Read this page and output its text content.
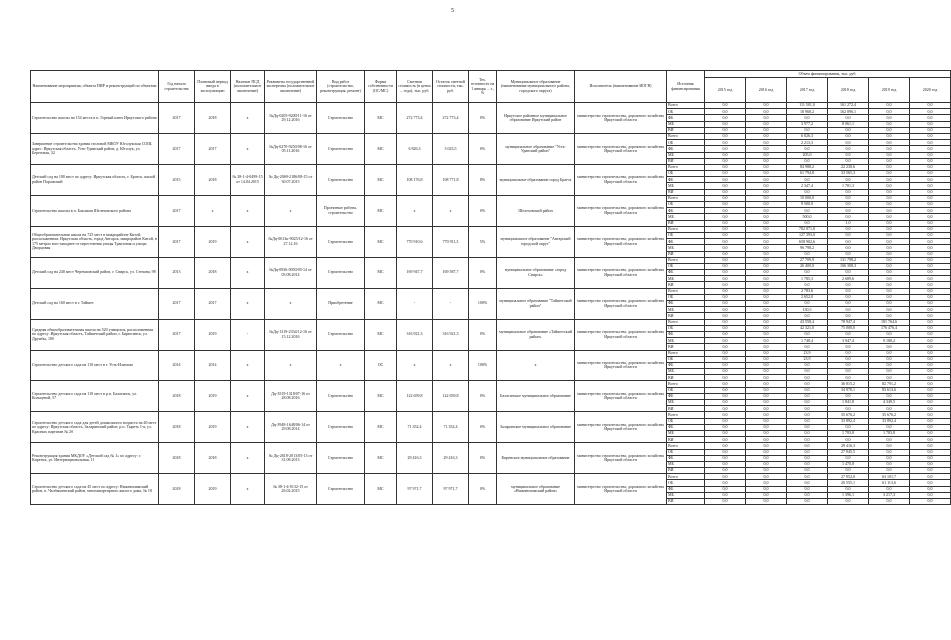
5
Наименование мероприятия, объекта ПИР и реконструкций по объектам	Год начала строительства	Плановый период ввода в эксплуатацию	Наличие ПСД (положительное заключение)	Реквизиты государственной экспертизы (положительное заключение)	Вид работ (строительство, реконструкция, ремонт)	Форма собственности (ОС/МС)	Сметная стоимость (в ценах ... года), тыс. руб.	Остаток сметной стоимости, тыс. руб.	Тех. готовность на 1 января ... г., %	Муниципальное образование (наименование муниципального района, городского округа)	Исполнитель (наименование ИОГВ)	Источник финансирования	Объем финансирования, тыс. руб.					
													2015 год	2016 год	2017 год	2018 год	2019 год	2020 год
Строительство школы на 154 места в п. Горный ключ Иркутского района	2017	2018	х	№Дц-0205-9200/11-16 от 29.12.2016	Строительство	МС	272 773,4	272 773,4	0%	Иркутское районное муниципальное образование Иркутский район	министерство строительства, дорожного хозяйства Иркутской области	Всего	0,0	0,0	111 501,0	161 272,4	0,0	0,0
												ОБ	0,0	0,0	18 968,2	162 896,1	0,0	0,0
												ФБ	0,0	0,0	0,0	0,0	0,0	0,0
												МБ	0,0	0,0	3 977,2	8 061,1	0,0	0,0
												ВИ	0,0	0,0	0,0	0,0	0,0	0,0
Завершение строительства здания столовой МКОУ Юголукская СОШ, адрес: Иркутская область, Усть-Удинский район, д. Юголук, ул. Береговая, 32	2017	2017	х	№Дц-0270-9250/08-16 от 05.11.2016	Строительство	МС	6 826,3	3 023,5	0%	муниципальное образование "Усть-Удинский район"	министерство строительства, дорожного хозяйства Иркутской области	Всего	0,0	0,0	6 826,3	0,0	0,0	0,0
												ОБ	0,0	0,0	2 213,3	0,0	0,0	0,0
												ФБ	0,0	0,0	0,0	0,0	0,0	0,0
												МБ	0,0	0,0	205,0	0,0	0,0	0,0
												ВИ	0,0	0,0	0,0	0,0	0,0	0,0
Детский сад на 180 мест по адресу: Иркутская область, г. Братск, жилой район Порожский	2015	2018	№ 38-1-4-0499-15 от 14.04.2015	№ Дц-2069-2186/08-15 от 30.07.2015	Строительство	МС	108 176,8	108 771,8	8%	муниципальное образование город Братск	министерство строительства, дорожного хозяйства Иркутской области	Всего	0,0	0,0	84 988,2	22 230,6	0,0	0,0
												ОБ	0,0	0,0	61 794,8	33 565,3	0,0	0,0
												ФБ	0,0	0,0	0,0	0,0	0,0	0,0
												МБ	0,0	0,0	2 347,4	1 781,3	0,0	0,0
												ВИ	0,0	0,0	0,0	0,0	0,0	0,0
Строительство школы в п. Баклаши Шелеховского района	2017	х	х	х	Проектные работы, строительство	МС	х	х	0%	Шелеховский район	министерство строительства, дорожного хозяйства Иркутской области	Всего	0,0	0,0	10 000,0	0,0	0,0	0,0
												ОБ	0,0	0,0	9 500,0	0,0	0,0	0,0
												ФБ	0,0	0,0	0,0	0,0	0,0	0,0
												МБ	0,0	0,0	500,0	0,0	0,0	0,0
												ВИ	0,0	0,0	0,0	1,0	0,0	0,0
Общеобразовательная школа на 725 мест в микрорайоне Китой, расположенная: Иркутская область, город Ангарск, микрорайон Китой, в 175 метрах юго-западнее от пересечения улицы Трактовая и улицы Дворцовая	2017	2019	х	№Дц-0013к-9025/12-16 от 27.12.16	Строительство	МС	770 910,6	770 911,3	5%	муниципальное образование "Ангарский городской округ"	министерство строительства, дорожного хозяйства Иркутской области	Всего	0,0	0,0	782 871,8	0,0	0,0	0,0
												ОБ	0,0	0,0	127 393,0	0,0	0,0	0,0
												ФБ	0,0	0,0	658 902,6	0,0	0,0	0,0
												МБ	0,0	0,0	96 798,2	0,0	0,0	0,0
												ВИ	0,0	0,0	0,0	0,0	0,0	0,0
Детский сад на 240 мест Черемховский район, г. Свирск, ул. Степана, 98	2013	2018	х	№Дц-0936-0050/05-14 от 05.08.2014	Строительство	МС	169 947,7	169 587,7	0%	муниципальное образование «город Свирск»	министерство строительства, дорожного хозяйства Иркутской области	Всего	0,0	0,0	27 709,9	131 798,2	0,0	0,0
												ОБ	0,0	0,0	26 400,0	106 308,3	0,0	0,0
												ФБ	0,0	0,0	0,0	0,0	0,0	0,0
												МБ	0,0	0,0	1 785,3	2 689,6	0,0	0,0
												ВИ	0,0	0,0	0,0	0,0	0,0	0,0
Детский сад на 160 мест в г. Тайшет	2017	2017	х	х	Приобретение	МС	-	-	100%	муниципальное образование "Тайшетский район"	министерство строительства, дорожного хозяйства Иркутской области	Всего	0,0	0,0	2 783,6	0,0	0,0	0,0
												ОБ	0,0	0,0	2 652,0	0,0	0,0	0,0
												ФБ	0,0	0,0	0,0	0,0	0,0	0,0
												МБ	0,0	0,0	130,5	0,0	0,0	0,0
												ВИ	0,0	0,0	0,0	0,0	0,0	0,0
Средняя общеобразовательная школа на 520 учащихся, расположенная по адресу: Иркутская область, Тайшетский район, г. Бирюсинск, ул. Дружбы, 10б	2017	2019	-	№Дц-1319-2334/12-16 от 15.12.2016	Строительство	МС	316 921,3	316 921,3	0%	муниципальное образование «Тайшетский район»	министерство строительства, дорожного хозяйства Иркутской области	Всего	0,0	0,0	43 558,4	78 947,4	181 764,6	0,0
												ОБ	0,0	0,0	42 321,0	75 000,0	176 476,4	0,0
												ФБ	0,0	0,0	0,0	0,0	0,0	0,0
												МБ	0,0	0,0	1 748,4	3 947,4	9 188,2	0,0
												ВИ	0,0	0,0	0,0	0,0	0,0	0,0
Строительство детского сада на 110 мест в г. Усть-Илимске	2014	2014	х	х	х	ОС	х	х	100%	х	министерство строительства, дорожного хозяйства Иркутской области	Всего	0,0	0,0	23,9	0,0	0,0	0,0
												ОБ	0,0	0,0	23,9	0,0	0,0	0,0
												ФБ	0,0	0,0	0,0	0,0	0,0	0,0
												МБ	0,0	0,0	0,0	0,0	0,0	0,0
												ВИ	0,0	0,0	0,0	0,0	0,0	0,0
Строительство детского сада на 110 мест в р.п. Балаганск, ул. Кольцевой, 57	2018	2019	х	Дц-3519-1318/07-16 от 28.08.2016	Строительство	МС	122 659,8	122 659,8	0%	Балаганское муниципальное образование	министерство строительства, дорожного хозяйства Иркутской области	Всего	0,0	0,0	0,0	36 815,2	82 791,2	0,0
												ОБ	0,0	0,0	0,0	34 978,1	83 613,6	0,0
												ФБ	0,0	0,0	0,0	0,0	0,0	0,0
												МБ	0,0	0,0	0,0	1 841,8	4 349,5	0,0
												ВИ	0,0	0,0	0,0	0,0	0,0	0,0
Строительство детского сада для детей дошкольного возраста на 40 мест по адресу: Иркутская область, Заларинский район, р.п. Тыреть 1-я, ул. Красных партизан № 2б	2018	2019	х	Дц-3948-1648/06-14 от 29.08.2014	Строительство	МС	71 352,4	71 352,4	0%	Заларинское муниципальное образование	министерство строительства, дорожного хозяйства Иркутской области	Всего	0,0	0,0	0,0	35 676,2	35 676,2	0,0
												ОБ	0,0	0,0	0,0	33 892,4	33 892,4	0,0
												ФБ	0,0	0,0	0,0	0,0	0,0	0,0
												МБ	0,0	0,0	0,0	1 783,8	1 783,8	0,0
												ВИ	0,0	0,0	0,0	0,0	0,0	0,0
Реконструкция здания МКДОУ «Детский сад № 1» по адресу: г. Киренск, ул. Интернациональная, 11	2018	2018	х	№ Дц-2618-2013/05-13 от 31.08.2013	Строительство	МС	29 416,3	29 416,3	0%	Киренское муниципальное образование	министерство строительства, дорожного хозяйства Иркутской области	Всего	0,0	0,0	0,0	29 416,3	0,0	0,0
												ОБ	0,0	0,0	0,0	27 945,5	0,0	0,0
												ФБ	0,0	0,0	0,0	0,0	0,0	0,0
												МБ	0,0	0,0	0,0	1 470,8	0,0	0,0
												ВИ	0,0	0,0	0,0	0,0	0,0	0,0
Строительство детского сада на 45 мест по адресу: Нижнеилимский район, п. Чалбышевский район, многоквартирного жилого дома, № 18	2018	2019	х	№ 38-1-4-0132-15 от 26.02.2015	Строительство	МС	97 971,7	97 971,7	0%	муниципальное образование «Нижнеилимский район»	министерство строительства, дорожного хозяйства Иркутской области	Всего	0,0	0,0	0,0	27 952,0	63 101,7	0,0
												ОБ	0,0	0,0	0,0	26 555,1	61 113,6	0,0
												ФБ	0,0	0,0	0,0	0,0	0,0	0,0
												МБ	0,0	0,0	0,0	1 396,1	3 217,3	0,0
												ВИ	0,0	0,0	0,0	0,0	0,0	0,0
